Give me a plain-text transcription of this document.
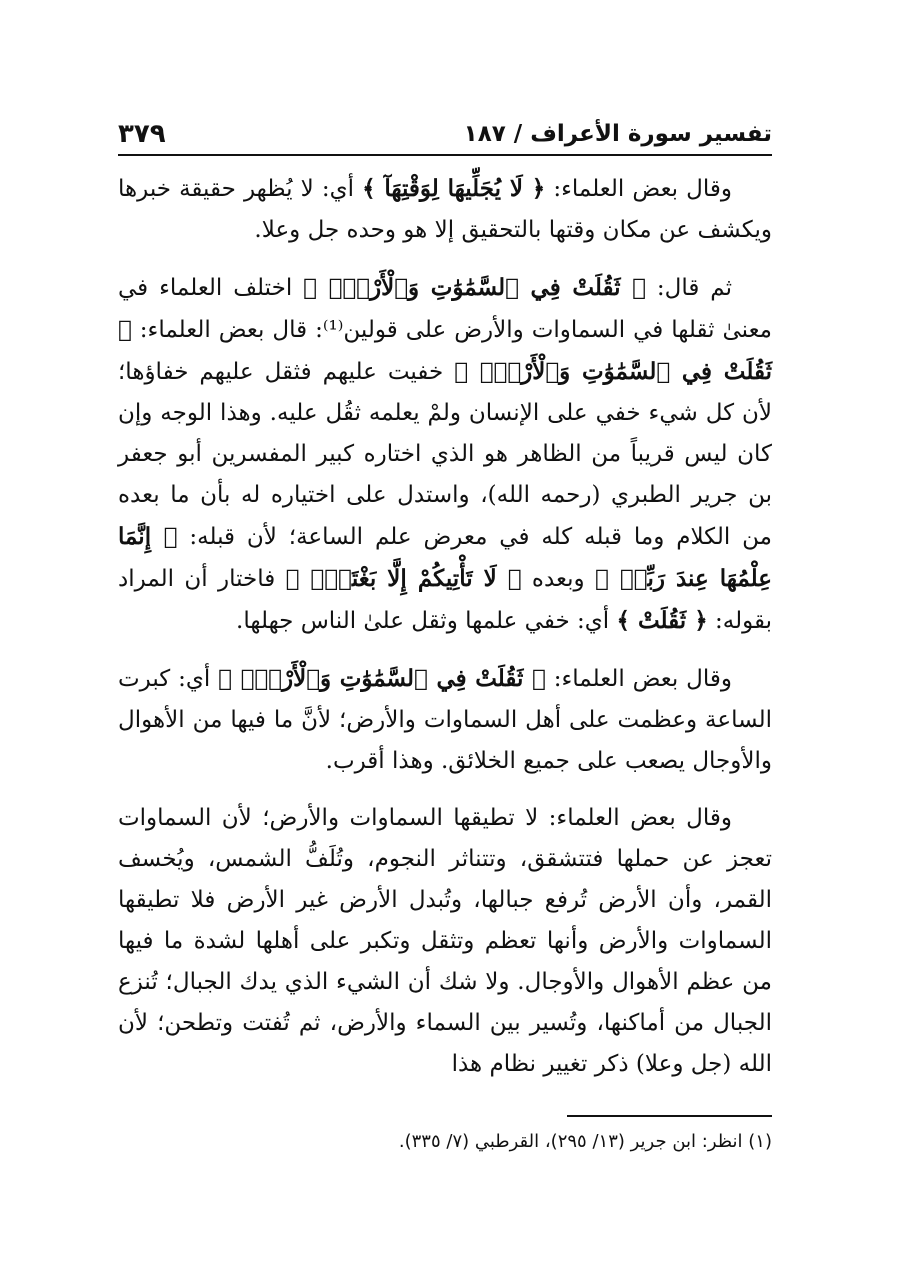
تفسير سورة الأعراف / ١٨٧
٣٧٩

وقال بعض العلماء: ﴿ لَا يُجَلِّيهَا لِوَقْتِهَآ ﴾ أي: لا يُظهر حقيقة خبرها ويكشف عن مكان وقتها بالتحقيق إلا هو وحده جل وعلا.

ثم قال: ﴿ ثَقُلَتْ فِي ٱلسَّمَٰوَٰتِ وَٱلْأَرْضِۚ ﴾ اختلف العلماء في معنىٰ ثقلها في السماوات والأرض على قولين⁽¹⁾: قال بعض العلماء: ﴿ ثَقُلَتْ فِي ٱلسَّمَٰوَٰتِ وَٱلْأَرْضِۚ ﴾ خفيت عليهم فثقل عليهم خفاؤها؛ لأن كل شيء خفي على الإنسان ولمْ يعلمه ثقُل عليه. وهذا الوجه وإن كان ليس قريباً من الظاهر هو الذي اختاره كبير المفسرين أبو جعفر بن جرير الطبري (رحمه الله)، واستدل على اختياره له بأن ما بعده من الكلام وما قبله كله في معرض علم الساعة؛ لأن قبله: ﴿ إِنَّمَا عِلْمُهَا عِندَ رَبِّيۖ ﴾ وبعده ﴿ لَا تَأْتِيكُمْ إِلَّا بَغْتَةًۗ ﴾ فاختار أن المراد بقوله: ﴿ ثَقُلَتْ ﴾ أي: خفي علمها وثقل علىٰ الناس جهلها.

وقال بعض العلماء: ﴿ ثَقُلَتْ فِي ٱلسَّمَٰوَٰتِ وَٱلْأَرْضِۚ ﴾ أي: كبرت الساعة وعظمت على أهل السماوات والأرض؛ لأنَّ ما فيها من الأهوال والأوجال يصعب على جميع الخلائق. وهذا أقرب.

وقال بعض العلماء: لا تطيقها السماوات والأرض؛ لأن السماوات تعجز عن حملها فتتشقق، وتتناثر النجوم، وتُلَفُّ الشمس، ويُخسف القمر، وأن الأرض تُرفع جبالها، وتُبدل الأرض غير الأرض فلا تطيقها السماوات والأرض وأنها تعظم وتثقل وتكبر على أهلها لشدة ما فيها من عظم الأهوال والأوجال. ولا شك أن الشيء الذي يدك الجبال؛ تُنزع الجبال من أماكنها، وتُسير بين السماء والأرض، ثم تُفتت وتطحن؛ لأن الله (جل وعلا) ذكر تغيير نظام هذا

(١) انظر: ابن جرير (١٣/ ٢٩٥)، القرطبي (٧/ ٣٣٥).
